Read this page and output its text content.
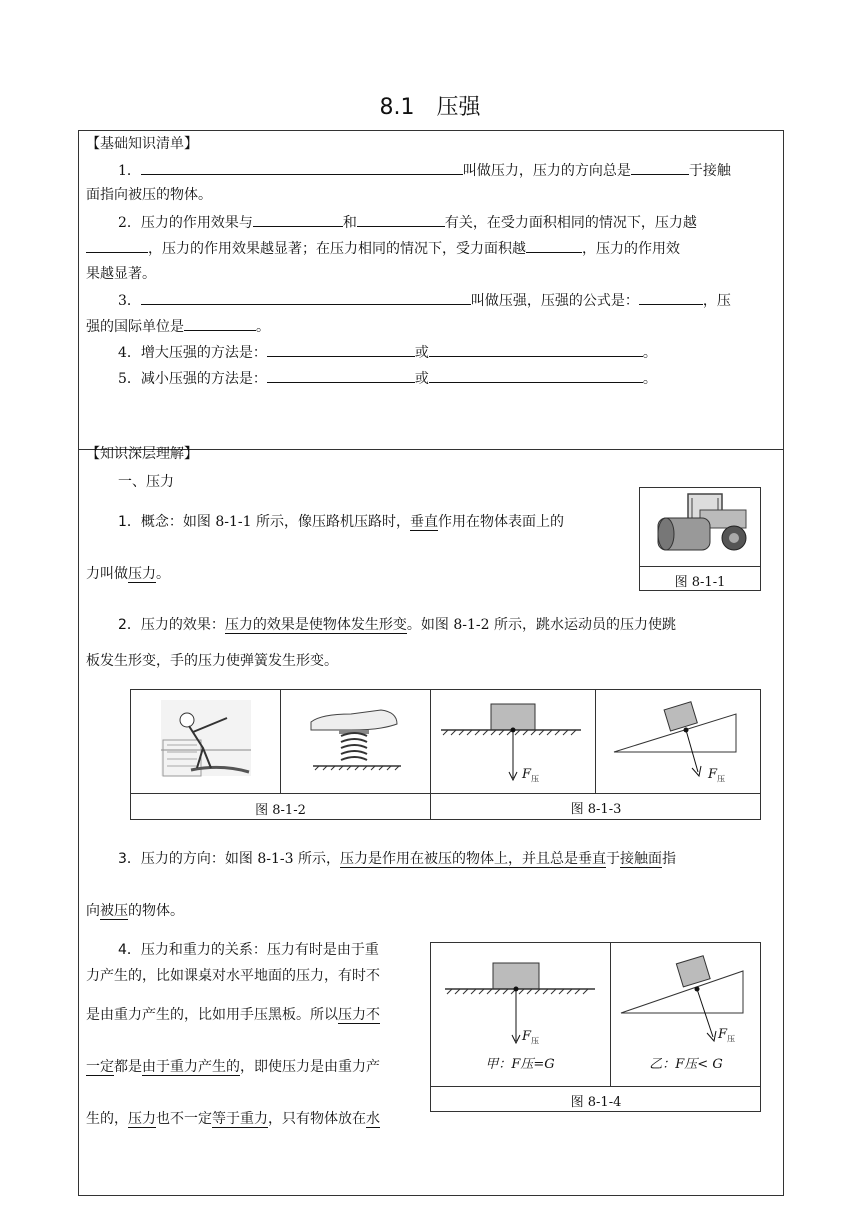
8.1　压强
【基础知识清单】
1．	叫做压力，压力的方向总是	于接触
面指向被压的物体。
2．压力的作用效果与	和	有关，在受力面积相同的情况下，压力越
，压力的作用效果越显著；在压力相同的情况下，受力面积越	，压力的作用效
果越显著。
3．	叫做压强，压强的公式是：	，压
强的国际单位是	。
4．增大压强的方法是：	或	。
5．减小压强的方法是：	或	。
【知识深层理解】
一、压力
1．概念：如图 8-1-1 所示，像压路机压路时，垂直作用在物体表面上的
力叫做压力。
图 8-1-1
2．压力的效果：压力的效果是使物体发生形变。如图 8-1-2 所示，跳水运动员的压力使跳
板发生形变，手的压力使弹簧发生形变。
$F_压$	$F_压$
图 8-1-2	图 8-1-3
3．压力的方向：如图 8-1-3 所示，压力是作用在被压的物体上，并且总是垂直于接触面指
向被压的物体。
4．压力和重力的关系：压力有时是由于重
力产生的，比如课桌对水平地面的压力，有时不
是由重力产生的，比如用手压黑板。所以压力不
一定都是由于重力产生的，即使压力是由重力产
生的，压力也不一定等于重力，只有物体放在水
$F_压$
甲：F压=G
$F_压$
乙：F压< G
图 8-1-4
